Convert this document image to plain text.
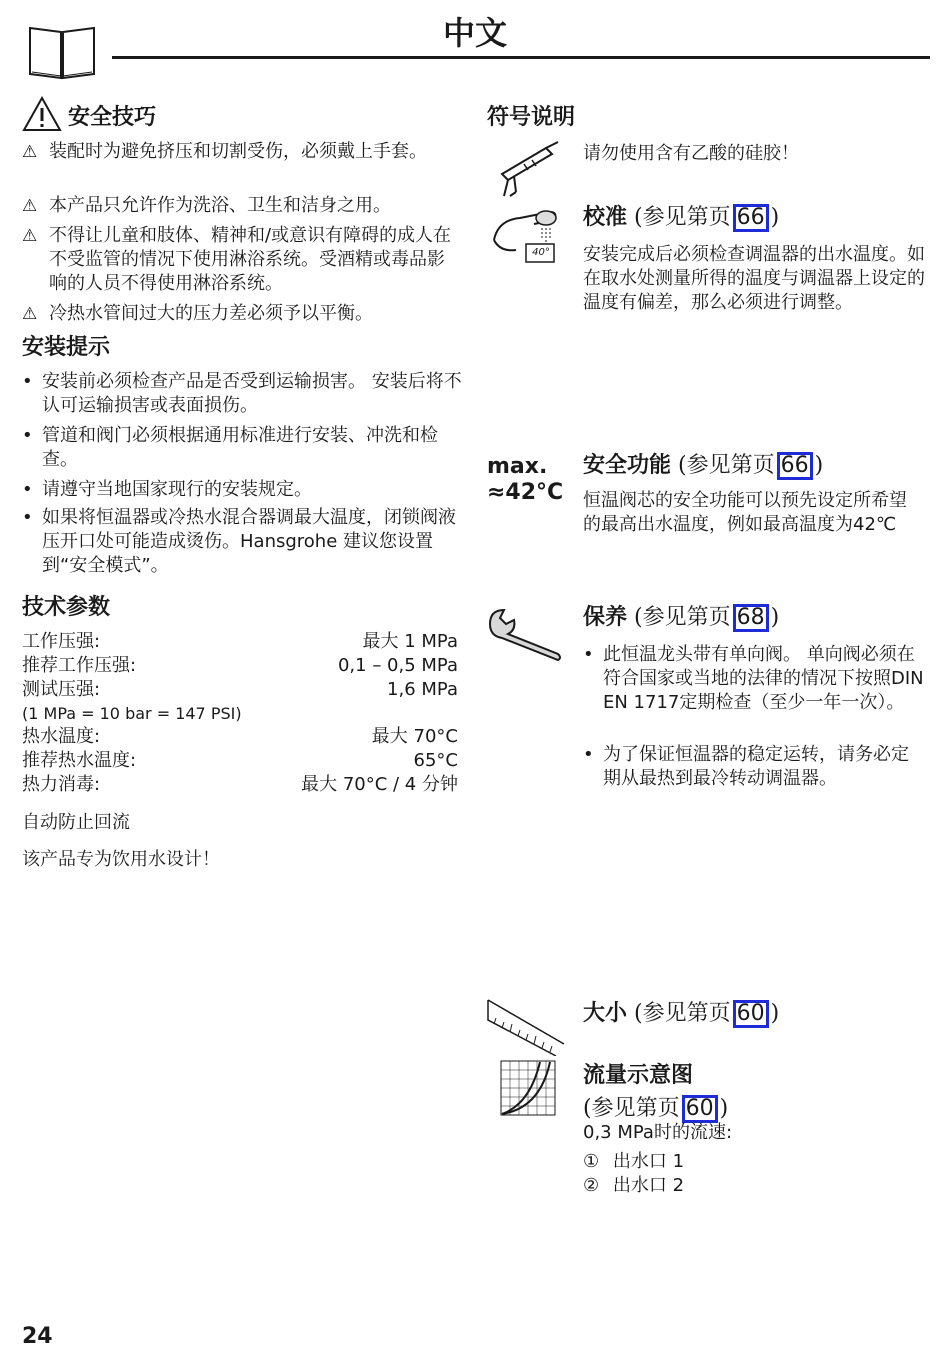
中文
安全技巧
⚠ 装配时为避免挤压和切割受伤，必须戴上手套。
⚠ 本产品只允许作为洗浴、卫生和洁身之用。
⚠ 不得让儿童和肢体、精神和/或意识有障碍的成人在不受监管的情况下使用淋浴系统。受酒精或毒品影响的人员不得使用淋浴系统。
⚠ 冷热水管间过大的压力差必须予以平衡。
安装提示
• 安装前必须检查产品是否受到运输损害。 安装后将不认可运输损害或表面损伤。
• 管道和阀门必须根据通用标准进行安装、冲洗和检查。
• 请遵守当地国家现行的安装规定。
• 如果将恒温器或冷热水混合器调最大温度，闭锁阀液压开口处可能造成烫伤。Hansgrohe 建议您设置到“安全模式”。
技术参数
工作压强:	最大 1 MPa
推荐工作压强:	0,1 – 0,5 MPa
测试压强:	1,6 MPa
(1 MPa = 10 bar = 147 PSI)
热水温度:	最大 70°C
推荐热水温度:	65°C
热力消毒:	最大 70°C / 4 分钟
自动防止回流
该产品专为饮用水设计！
符号说明
请勿使用含有乙酸的硅胶！
40°
校准 (参见第页 66 )
安装完成后必须检查调温器的出水温度。如在取水处测量所得的温度与调温器上设定的温度有偏差，那么必须进行调整。
max.
≈42°C
安全功能 (参见第页 66 )
恒温阀芯的安全功能可以预先设定所希望的最高出水温度，例如最高温度为42℃
保养 (参见第页 68 )
• 此恒温龙头带有单向阀。 单向阀必须在符合国家或当地的法律的情况下按照DIN EN 1717定期检查（至少一年一次）。
• 为了保证恒温器的稳定运转，请务必定期从最热到最冷转动调温器。
大小 (参见第页 60 )
流量示意图
(参见第页 60 )
0,3 MPa时的流速:
① 出水口 1
② 出水口 2
24
